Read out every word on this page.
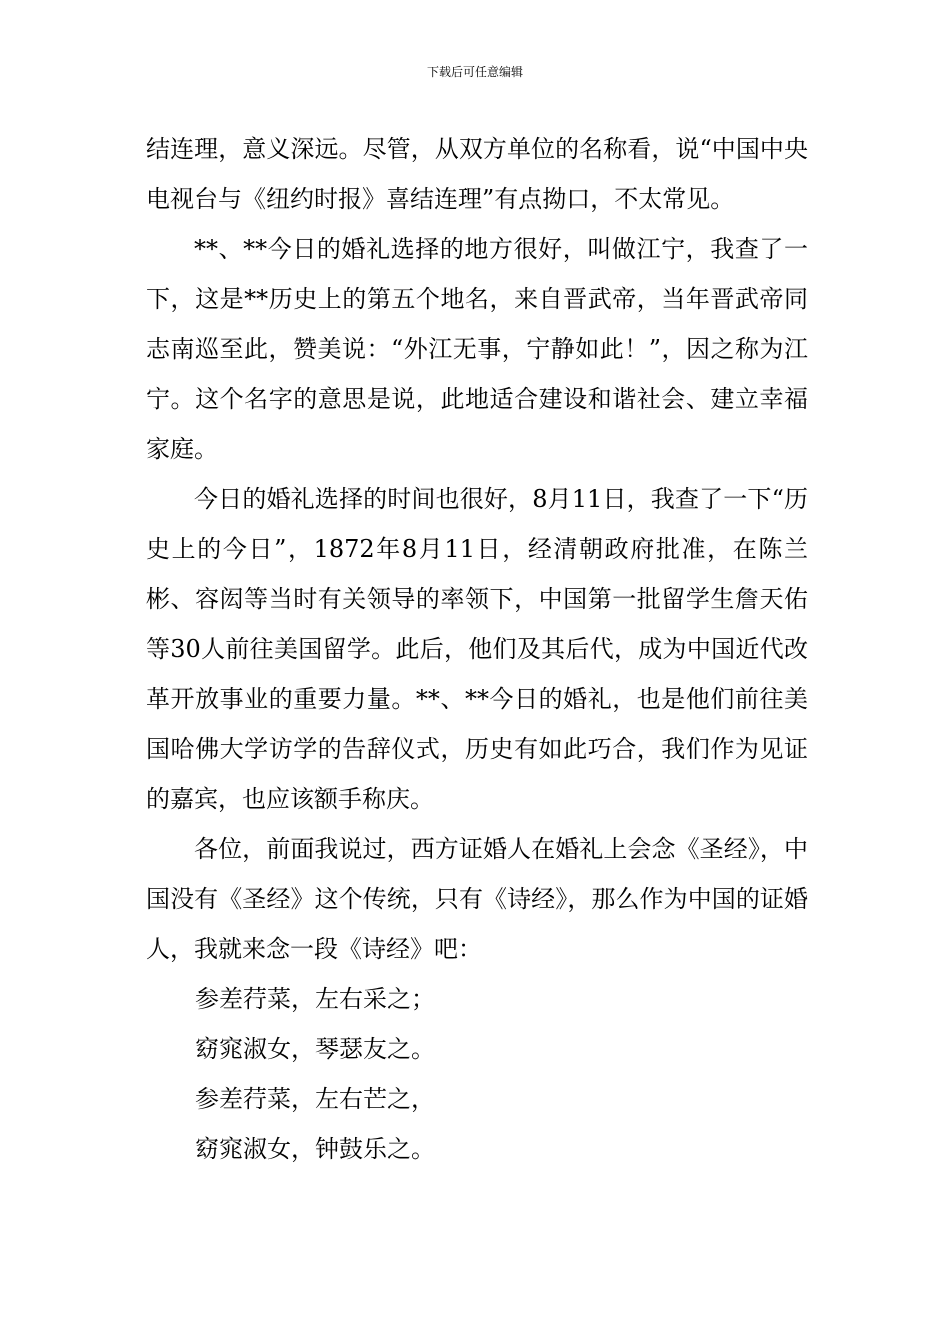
下载后可任意编辑

结连理，意义深远。尽管，从双方单位的名称看，说“中国中央电视台与《纽约时报》喜结连理”有点拗口，不太常见。

**、**今日的婚礼选择的地方很好，叫做江宁，我查了一下，这是**历史上的第五个地名，来自晋武帝，当年晋武帝同志南巡至此，赞美说：“外江无事，宁静如此！”，因之称为江宁。这个名字的意思是说，此地适合建设和谐社会、建立幸福家庭。

今日的婚礼选择的时间也很好，8月11日，我查了一下“历史上的今日”，1872年8月11日，经清朝政府批准，在陈兰彬、容闳等当时有关领导的率领下，中国第一批留学生詹天佑等30人前往美国留学。此后，他们及其后代，成为中国近代改革开放事业的重要力量。**、**今日的婚礼，也是他们前往美国哈佛大学访学的告辞仪式，历史有如此巧合，我们作为见证的嘉宾，也应该额手称庆。

各位，前面我说过，西方证婚人在婚礼上会念《圣经》，中国没有《圣经》这个传统，只有《诗经》，那么作为中国的证婚人，我就来念一段《诗经》吧：

参差荇菜，左右采之；

窈窕淑女，琴瑟友之。

参差荇菜，左右芒之，

窈窕淑女，钟鼓乐之。
